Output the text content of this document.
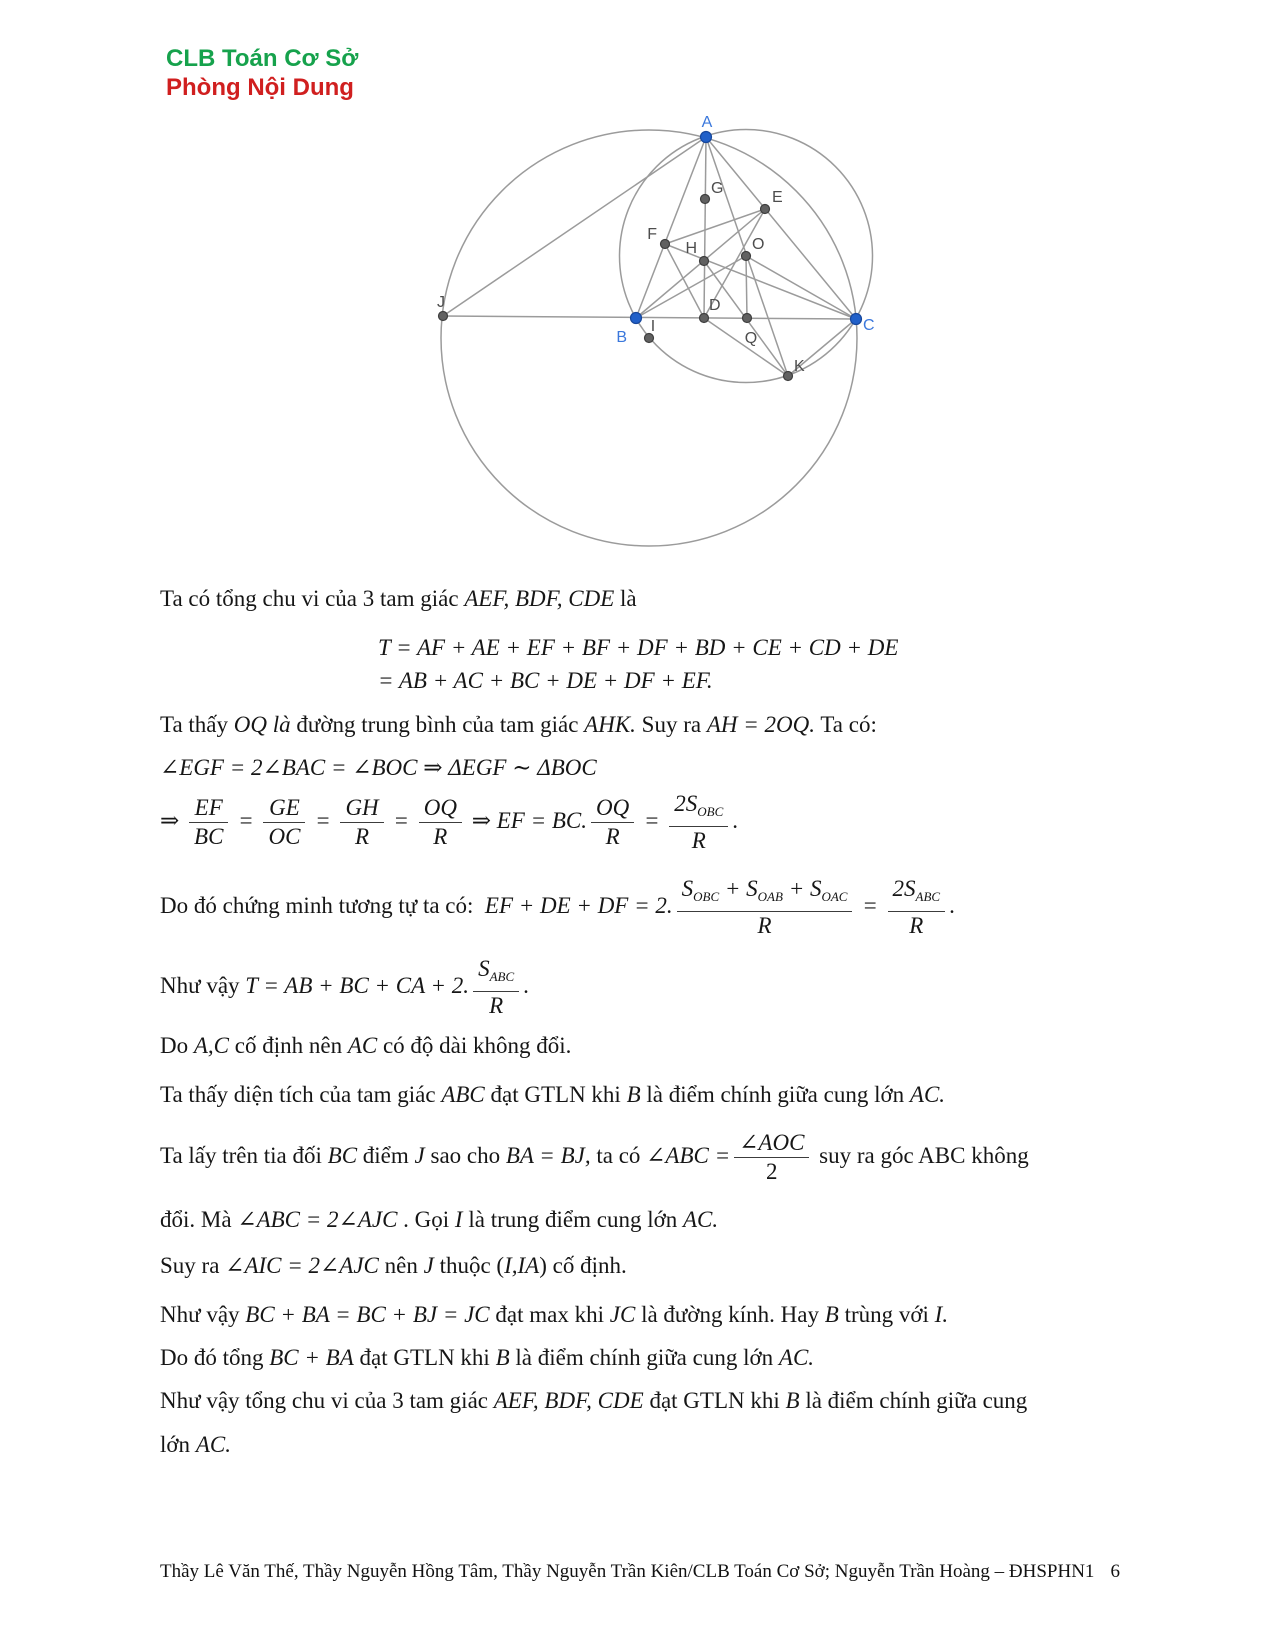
CLB Toán Cơ Sở
Phòng Nội Dung
A
B
C
J	D
Q
I
K
G
H
F
E
O
Ta có tổng chu vi của 3 tam giác AEF, BDF, CDE là
T = AF + AE + EF + BF + DF + BD + CE + CD + DE
= AB + AC + BC + DE + DF + EF.
Ta thấy OQ là đường trung bình của tam giác AHK. Suy ra AH = 2OQ. Ta có:
∠EGF = 2∠BAC = ∠BOC ⇒ ΔEGF ∼ ΔBOC
⇒ $\frac{EF}{BC} = \frac{GE}{OC} = \frac{GH}{R} = \frac{OQ}{R}$ ⇒ EF = BC. $\frac{OQ}{R} = \frac{2S_{OBC}}{R}$ .
Do đó chứng minh tương tự ta có:  EF + DE + DF = 2. $\frac{S_{OBC} + S_{OAB} + S_{OAC}}{R} = \frac{2S_{ABC}}{R}$ .
Như vậy T = AB + BC + CA + 2. $\frac{S_{ABC}}{R}$ .
Do A,C cố định nên AC có độ dài không đổi.
Ta thấy diện tích của tam giác ABC đạt GTLN khi B là điểm chính giữa cung lớn AC.
Ta lấy trên tia đối BC điểm J sao cho BA = BJ, ta có ∠ABC = $\frac{\text{∠AOC}}{2}$ suy ra góc ABC không
đổi. Mà ∠ABC = 2∠AJC . Gọi I là trung điểm cung lớn AC.
Suy ra ∠AIC = 2∠AJC nên J thuộc (I,IA) cố định.
Như vậy BC + BA = BC + BJ = JC đạt max khi JC là đường kính. Hay B trùng với I.
Do đó tổng BC + BA đạt GTLN khi B là điểm chính giữa cung lớn AC.
Như vậy tổng chu vi của 3 tam giác AEF, BDF, CDE đạt GTLN khi B là điểm chính giữa cung
lớn AC.
Thầy Lê Văn Thế, Thầy Nguyễn Hồng Tâm, Thầy Nguyễn Trần Kiên/CLB Toán Cơ Sở; Nguyễn Trần Hoàng – ĐHSPHN1 6
